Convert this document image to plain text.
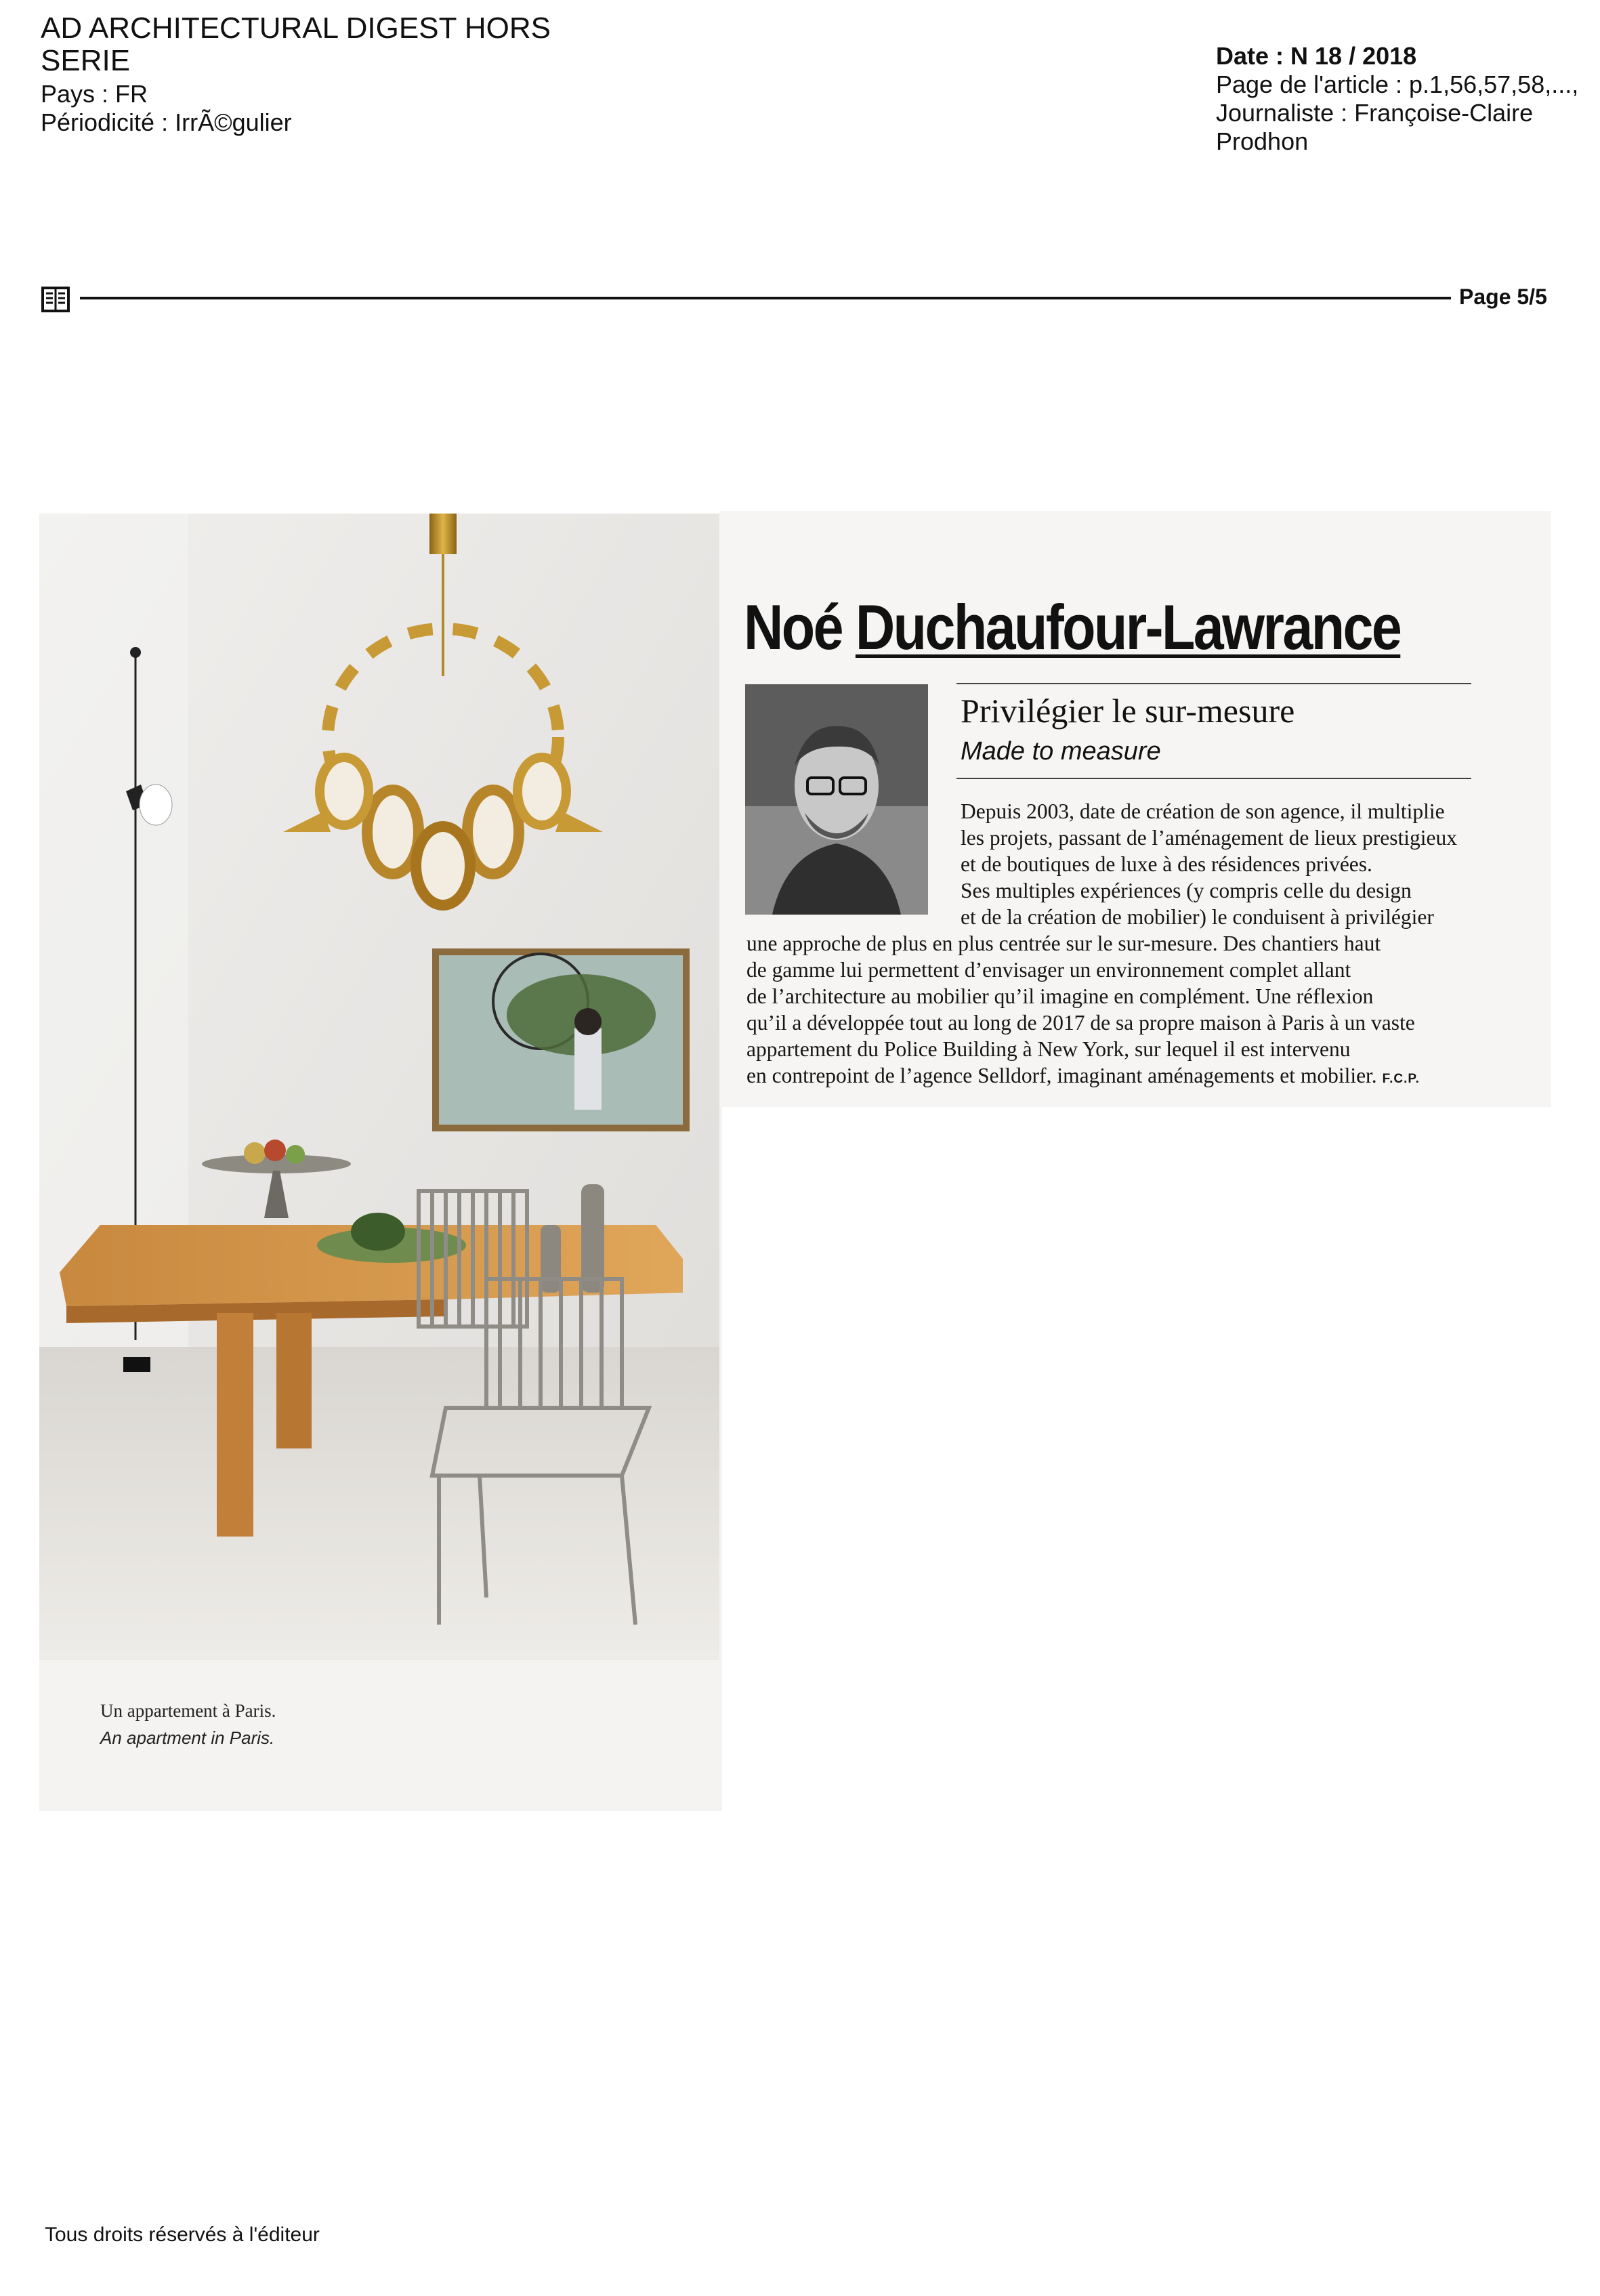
AD ARCHITECTURAL DIGEST HORS
SERIE
Pays : FR
Périodicité : IrrÃ©gulier
Date : N 18 / 2018
Page de l'article : p.1,56,57,58,...,
Journaliste : Françoise-Claire
Prodhon
Page 5/5
Un appartement à Paris.
An apartment in Paris.
Noé Duchaufour-Lawrance
Privilégier le sur-mesure
Made to measure
Depuis 2003, date de création de son agence, il multiplie
les projets, passant de l’aménagement de lieux prestigieux
et de boutiques de luxe à des résidences privées.
Ses multiples expériences (y compris celle du design
et de la création de mobilier) le conduisent à privilégier
une approche de plus en plus centrée sur le sur-mesure. Des chantiers haut
de gamme lui permettent d’envisager un environnement complet allant
de l’architecture au mobilier qu’il imagine en complément. Une réflexion
qu’il a développée tout au long de 2017 de sa propre maison à Paris à un vaste
appartement du Police Building à New York, sur lequel il est intervenu
en contrepoint de l’agence Selldorf, imaginant aménagements et mobilier. F.C.P.
Tous droits réservés à l'éditeur
